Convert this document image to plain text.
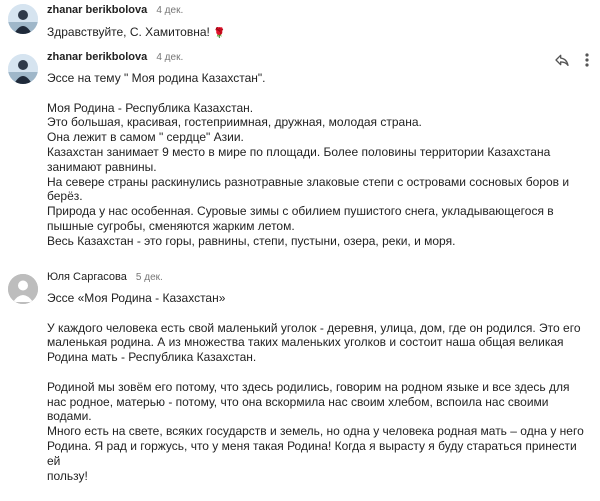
zhanar berikbolova 4 дек.
Здравствуйте, С. Хамитовна! 🌹
zhanar berikbolova 4 дек.

Эссе на тему " Моя родина Казахстан".

Моя Родина - Республика Казахстан.

Это большая, красивая, гостеприимная, дружная, молодая страна.

Она лежит в самом " сердце" Азии.

Казахстан занимает 9 место в мире по площади. Более половины территории Казахстана

занимают равнины.

На севере страны раскинулись разнотравные злаковые степи с островами сосновых боров и

берёз.

Природа у нас особенная. Суровые зимы с обилием пушистого снега, укладывающегося в

пышные сугробы, сменяются жарким летом.

Весь Казахстан - это горы, равнины, степи, пустыни, озера, реки, и моря.

Юля Саргасова 5 дек.

Эссе «Моя Родина - Казахстан»

У каждого человека есть свой маленький уголок - деревня, улица, дом, где он родился. Это его

маленькая родина. А из множества таких маленьких уголков и состоит наша общая великая

Родина мать - Республика Казахстан.

Родиной мы зовём его потому, что здесь родились, говорим на родном языке и все здесь для

нас родное, матерью - потому, что она вскормила нас своим хлебом, вспоила нас своими

водами.

Много есть на свете, всяких государств и земель, но одна у человека родная мать – одна у него

Родина. Я рад и горжусь, что у меня такая Родина! Когда я вырасту я буду стараться принести ей

пользу!
